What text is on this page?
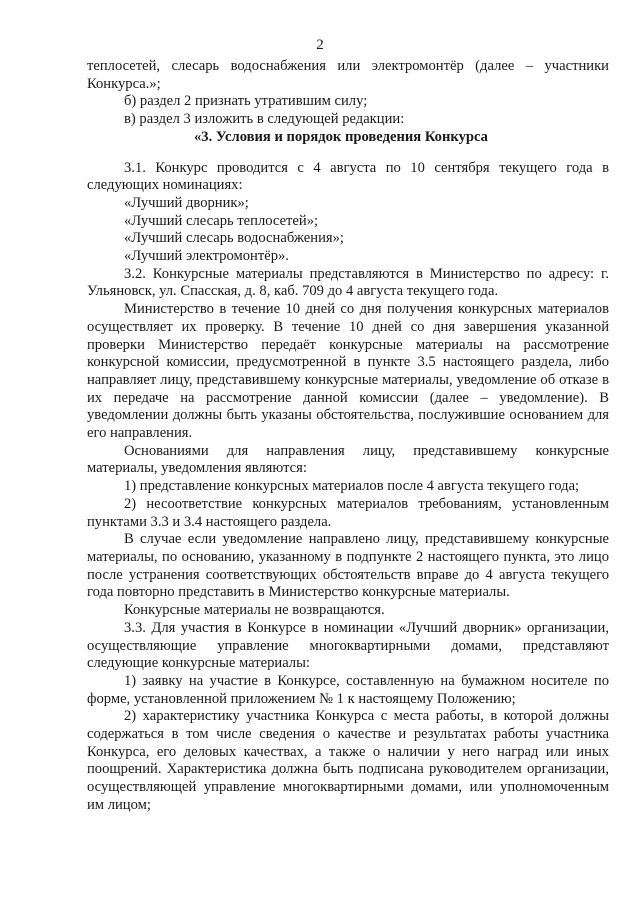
2

теплосетей, слесарь водоснабжения или электромонтёр (далее – участники Конкурса.»;

б) раздел 2 признать утратившим силу;

в) раздел 3 изложить в следующей редакции:

«3. Условия и порядок проведения Конкурса

3.1. Конкурс проводится с 4 августа по 10 сентября текущего года в следующих номинациях:

«Лучший дворник»;

«Лучший слесарь теплосетей»;

«Лучший слесарь водоснабжения»;

«Лучший электромонтёр».

3.2. Конкурсные материалы представляются в Министерство по адресу: г. Ульяновск, ул. Спасская, д. 8, каб. 709 до 4 августа текущего года.

Министерство в течение 10 дней со дня получения конкурсных материалов осуществляет их проверку. В течение 10 дней со дня завершения указанной проверки Министерство передаёт конкурсные материалы на рассмотрение конкурсной комиссии, предусмотренной в пункте 3.5 настоящего раздела, либо направляет лицу, представившему конкурсные материалы, уведомление об отказе в их передаче на рассмотрение данной комиссии (далее – уведомление). В уведомлении должны быть указаны обстоятельства, послужившие основанием для его направления.

Основаниями для направления лицу, представившему конкурсные материалы, уведомления являются:

1) представление конкурсных материалов после 4 августа текущего года;

2) несоответствие конкурсных материалов требованиям, установленным пунктами 3.3 и 3.4 настоящего раздела.

В случае если уведомление направлено лицу, представившему конкурсные материалы, по основанию, указанному в подпункте 2 настоящего пункта, это лицо после устранения соответствующих обстоятельств вправе до 4 августа текущего года повторно представить в Министерство конкурсные материалы.

Конкурсные материалы не возвращаются.

3.3. Для участия в Конкурсе в номинации «Лучший дворник» организации, осуществляющие управление многоквартирными домами, представляют следующие конкурсные материалы:

1) заявку на участие в Конкурсе, составленную на бумажном носителе по форме, установленной приложением № 1 к настоящему Положению;

2) характеристику участника Конкурса с места работы, в которой должны содержаться в том числе сведения о качестве и результатах работы участника Конкурса, его деловых качествах, а также о наличии у него наград или иных поощрений. Характеристика должна быть подписана руководителем организации, осуществляющей управление многоквартирными домами, или уполномоченным им лицом;
